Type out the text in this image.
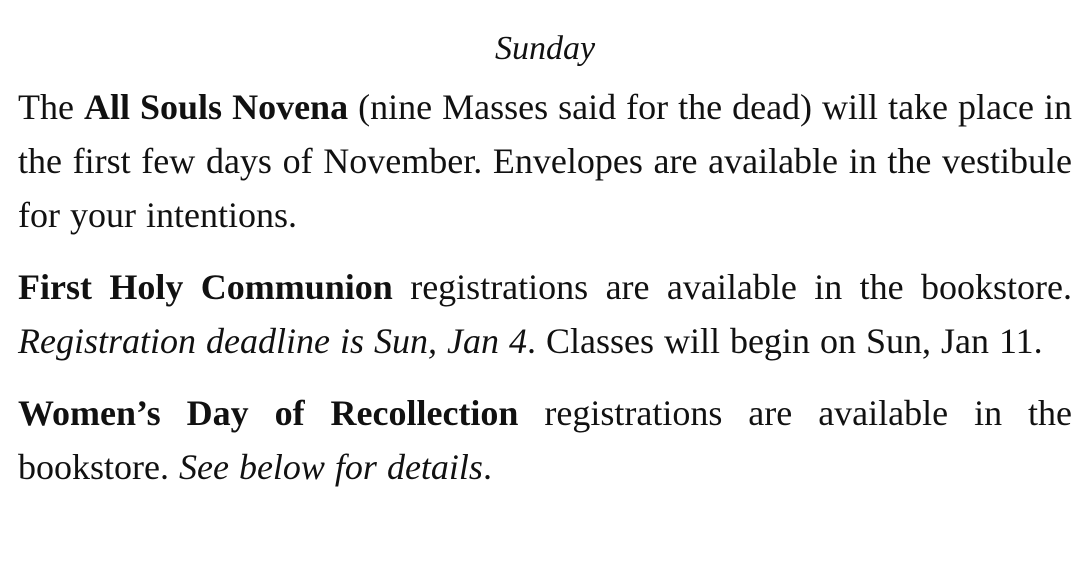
Sunday

The All Souls Novena (nine Masses said for the dead) will take place in the first few days of November. Envelopes are available in the vestibule for your intentions.

First Holy Communion registrations are available in the bookstore. Registration deadline is Sun, Jan 4. Classes will begin on Sun, Jan 11.

Women’s Day of Recollection registrations are available in the bookstore. See below for details.
